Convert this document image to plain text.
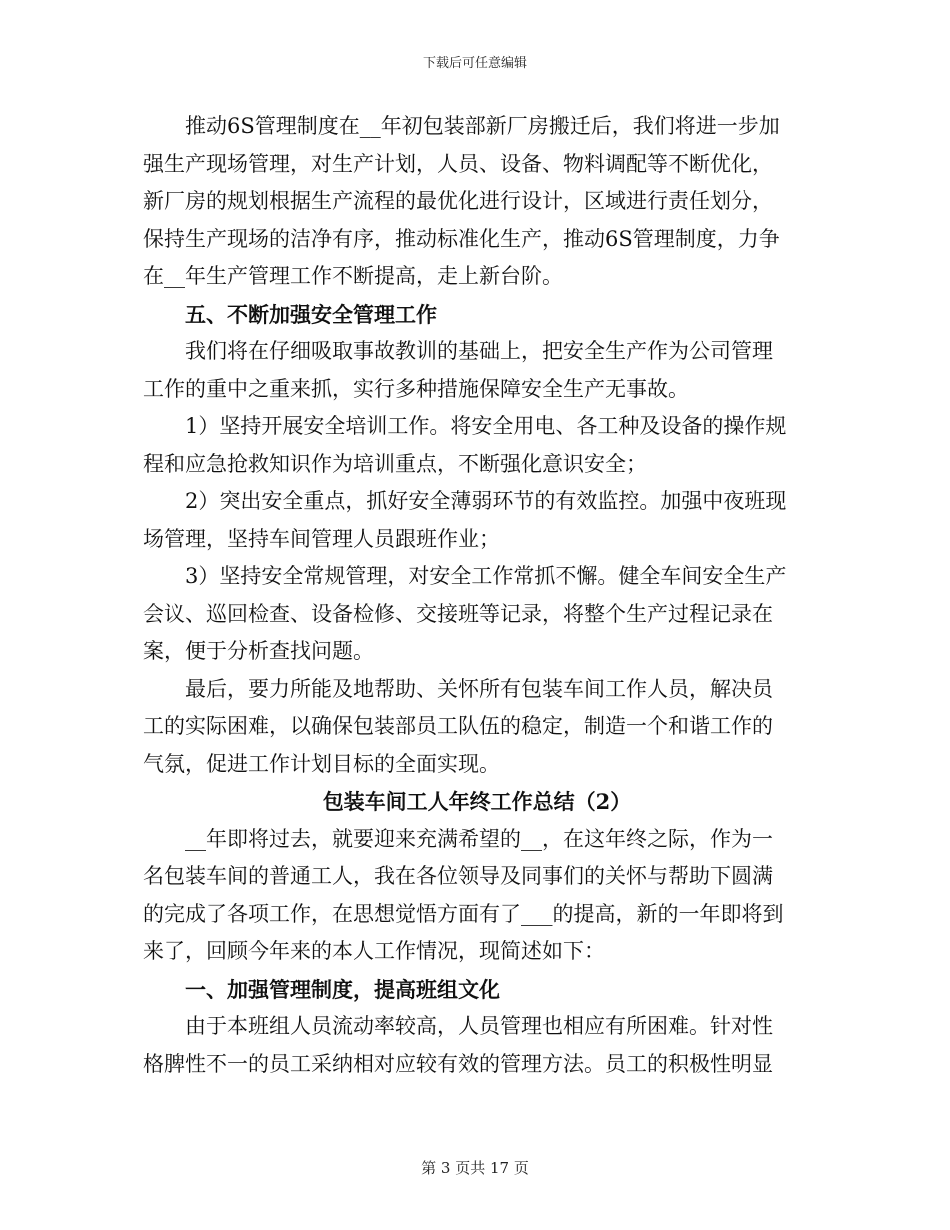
下载后可任意编辑
推动6S管理制度在__年初包装部新厂房搬迁后，我们将进一步加
强生产现场管理，对生产计划，人员、设备、物料调配等不断优化，
新厂房的规划根据生产流程的最优化进行设计，区域进行责任划分，
保持生产现场的洁净有序，推动标准化生产，推动6S管理制度，力争
在__年生产管理工作不断提高，走上新台阶。
五、不断加强安全管理工作
我们将在仔细吸取事故教训的基础上，把安全生产作为公司管理
工作的重中之重来抓，实行多种措施保障安全生产无事故。
1）坚持开展安全培训工作。将安全用电、各工种及设备的操作规
程和应急抢救知识作为培训重点，不断强化意识安全；
2）突出安全重点，抓好安全薄弱环节的有效监控。加强中夜班现
场管理，坚持车间管理人员跟班作业；
3）坚持安全常规管理，对安全工作常抓不懈。健全车间安全生产
会议、巡回检查、设备检修、交接班等记录，将整个生产过程记录在
案，便于分析查找问题。
最后，要力所能及地帮助、关怀所有包装车间工作人员，解决员
工的实际困难，以确保包装部员工队伍的稳定，制造一个和谐工作的
气氛，促进工作计划目标的全面实现。
包装车间工人年终工作总结（2）
__年即将过去，就要迎来充满希望的__，在这年终之际，作为一
名包装车间的普通工人，我在各位领导及同事们的关怀与帮助下圆满
的完成了各项工作，在思想觉悟方面有了___的提高，新的一年即将到
来了，回顾今年来的本人工作情况，现简述如下：
一、加强管理制度，提高班组文化
由于本班组人员流动率较高，人员管理也相应有所困难。针对性
格脾性不一的员工采纳相对应较有效的管理方法。员工的积极性明显
第 3 页共 17 页
